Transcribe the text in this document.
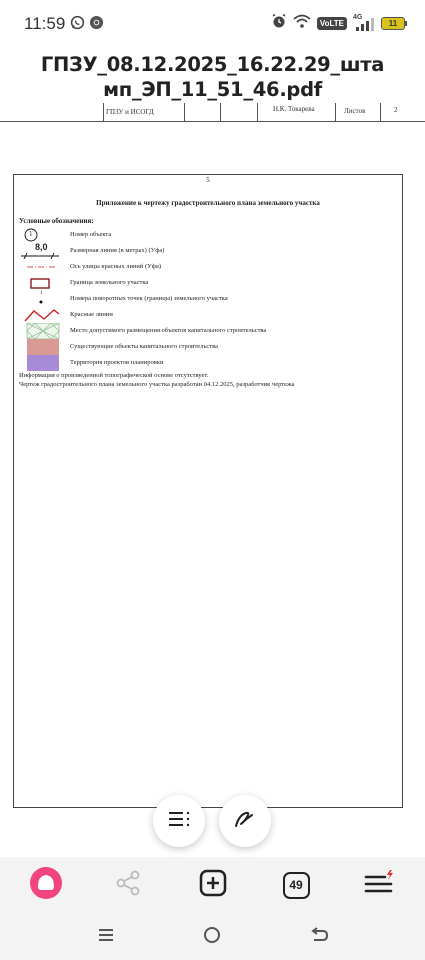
11:59	VoLTE
4G
11
ГПЗУ_08.12.2025_16.22.29_шта
мп_ЭП_11_51_46.pdf
ГПЗУ и ИСОГД	Н.К. Токарева	Листов	2
5
Приложение к чертежу градостроительного плана земельного участка
Условные обозначения:
1	Номер объекта
8,0	Размерная линия (в метрах) (Уфа)
Ось улицы красных линий (Уфа)
Граница земельного участка
1
Номера поворотных точек (границы) земельного участка
Красные линии
Место допустимого размещения объектов капитального строительства
Существующие объекты капитального строительства
Территория проектов планировки
Информация о произведенной топографической основе отсутствует.
Чертеж градостроительного плана земельного участка разработан 04.12.2025, разработчик чертежа
49
